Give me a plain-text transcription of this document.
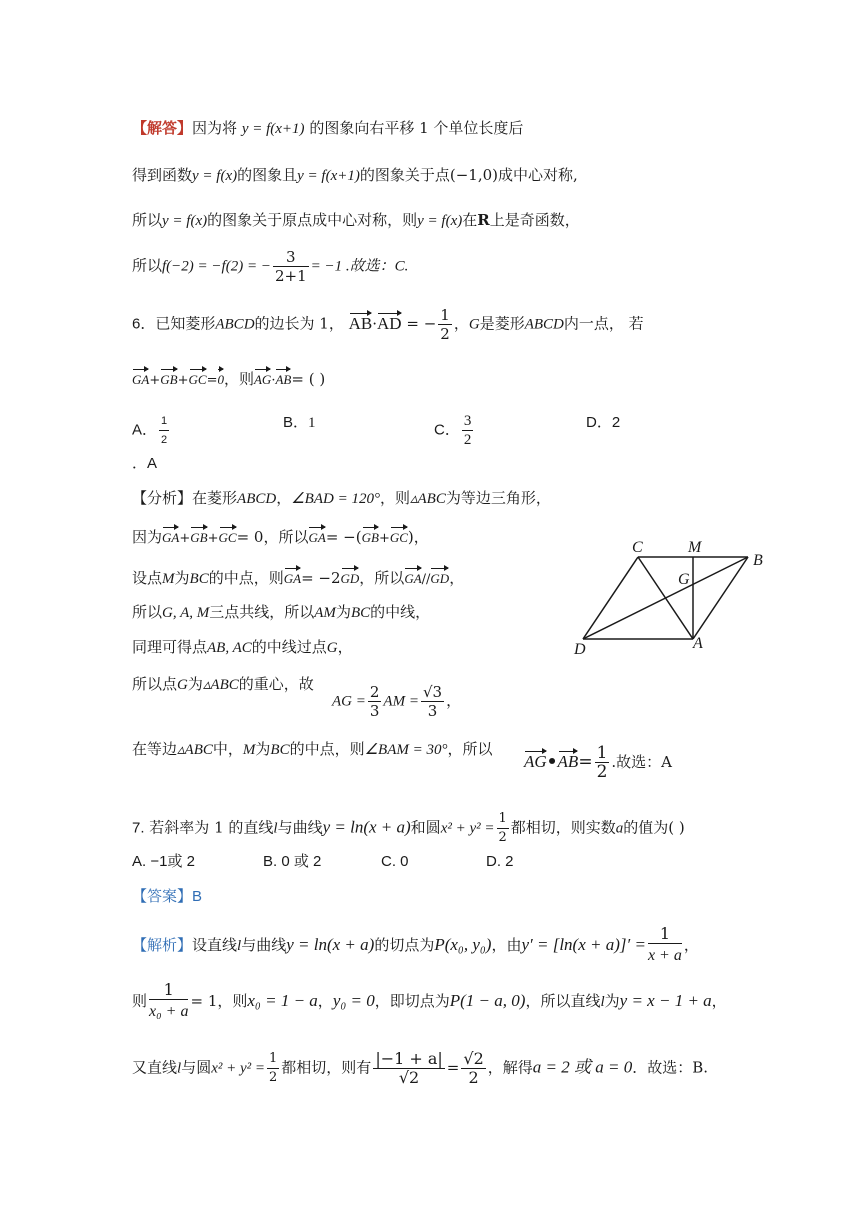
【解答】因为将 y = f(x+1) 的图象向右平移 1 个单位长度后
得到函数y = f(x)的图象且y = f(x+1)的图象关于点(−1,0)成中心对称,
所以y = f(x)的图象关于原点成中心对称，则y = f(x)在R上是奇函数，
所以f(−2) = −f(2) = − $\frac{3}{2+1} = -1$ .故选：C.
6．已知菱形ABCD的边长为 1， AB·AD = − $\frac{1}{2}$ ，G是菱形ABCD内一点， 若
GA+GB+GC=0，则AG·AB= ( )
A． $\frac{1}{2}$	B．1	C． $\frac{3}{2}$	D．2
．A
【分析】在菱形ABCD，∠BAD = 120°，则▵ABC为等边三角形，
因为GA+GB+GC= 0，所以GA= −(GB+GC)，
设点M为BC的中点，则GA= −2GD，所以GA//GD，
所以G, A, M三点共线，所以AM为BC的中线，
同理可得点AB, AC的中线过点G，
所以点G为▵ABC的重心，故
AG = $\frac{2}{3}$ AM = $\frac{√3}{3}$ ，
在等边▵ABC中，M为BC的中点，则∠BAM = 30°，所以
AG•AB= $\frac{1}{2}$ .故选：A
C	M
B
G
A
D
7. 若斜率为 1 的直线l与曲线y = ln(x + a)和圆$x^2 + y^2 = \frac{1}{2}$ 都相切，则实数a的值为( )
A. −1或 2	B. 0 或 2	C. 0	D. 2
【答案】B
【解析】设直线l与曲线y = ln(x + a)的切点为P(x₀, y₀)，由$y' = [\ln(x + a)]' = \frac{1}{x + a}$ ，
则 $\frac{1}{\text{x₀ + a}} = 1$，则x₀ = 1 − a，y₀ = 0，即切点为P(1 − a, 0)，所以直线l为y = x − 1 + a，
又直线l与圆$x^2 + y^2 = \frac{1}{2}$ 都相切，则有 $\frac{|-1 + a|}{√2} = \frac{√2}{2}$ ，解得a = 2 或 a = 0．故选：B.
